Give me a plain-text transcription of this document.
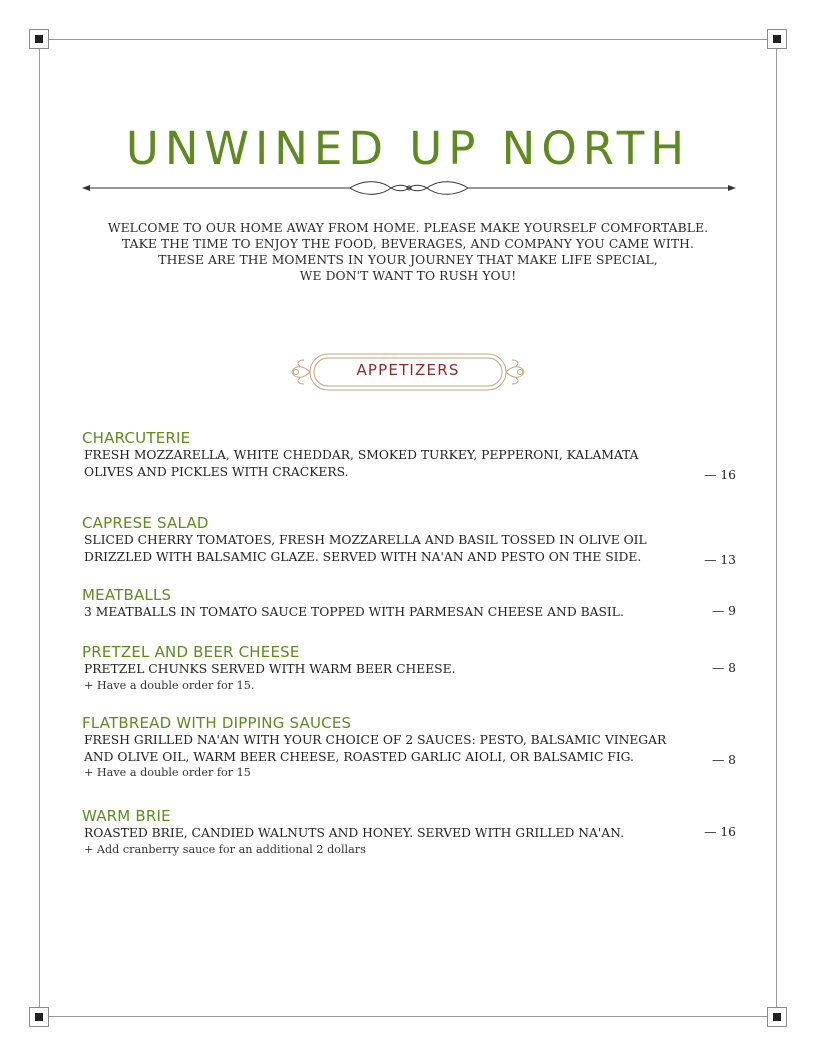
UNWINED UP NORTH
WELCOME TO OUR HOME AWAY FROM HOME. PLEASE MAKE YOURSELF COMFORTABLE.
TAKE THE TIME TO ENJOY THE FOOD, BEVERAGES, AND COMPANY YOU CAME WITH.
THESE ARE THE MOMENTS IN YOUR JOURNEY THAT MAKE LIFE SPECIAL,
WE DON'T WANT TO RUSH YOU!
APPETIZERS
CHARCUTERIE
FRESH MOZZARELLA, WHITE CHEDDAR, SMOKED TURKEY, PEPPERONI, KALAMATA
OLIVES AND PICKLES WITH CRACKERS.	— 16
CAPRESE SALAD
SLICED CHERRY TOMATOES, FRESH MOZZARELLA AND BASIL TOSSED IN OLIVE OIL
DRIZZLED WITH BALSAMIC GLAZE. SERVED WITH NA'AN AND PESTO ON THE SIDE.	— 13
MEATBALLS
3 MEATBALLS IN TOMATO SAUCE TOPPED WITH PARMESAN CHEESE AND BASIL.	— 9
PRETZEL AND BEER CHEESE
PRETZEL CHUNKS SERVED WITH WARM BEER CHEESE.
+ Have a double order for 15.
— 8
FLATBREAD WITH DIPPING SAUCES
FRESH GRILLED NA'AN WITH YOUR CHOICE OF 2 SAUCES: PESTO, BALSAMIC VINEGAR
AND OLIVE OIL, WARM BEER CHEESE, ROASTED GARLIC AIOLI, OR BALSAMIC FIG.
+ Have a double order for 15
— 8
WARM BRIE
ROASTED BRIE, CANDIED WALNUTS AND HONEY. SERVED WITH GRILLED NA'AN.
+ Add cranberry sauce for an additional 2 dollars
— 16
